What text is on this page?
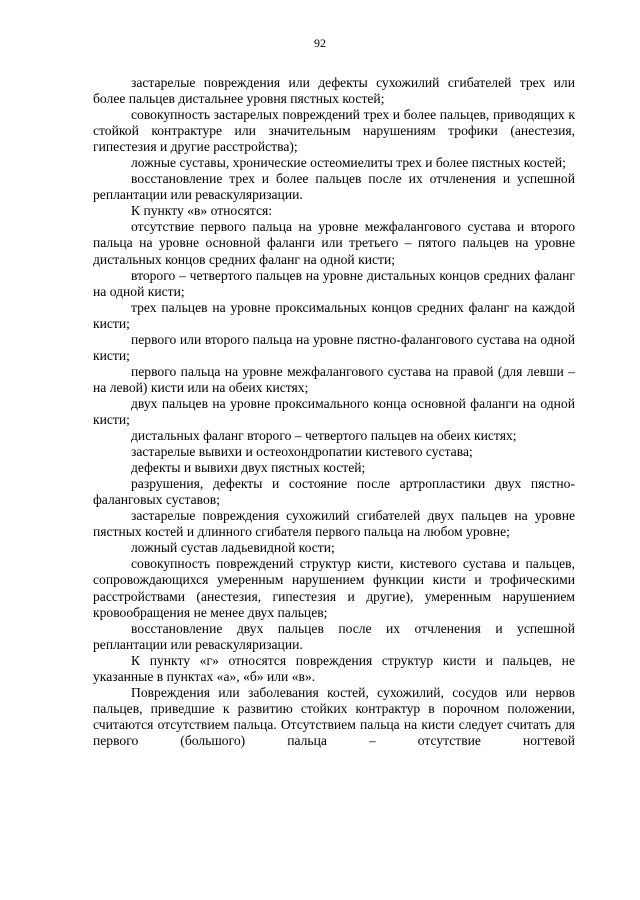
92

застарелые повреждения или дефекты сухожилий сгибателей трех или более пальцев дистальнее уровня пястных костей;

совокупность застарелых повреждений трех и более пальцев, приводящих к стойкой контрактуре или значительным нарушениям трофики (анестезия, гипестезия и другие расстройства);

ложные суставы, хронические остеомиелиты трех и более пястных костей;

восстановление трех и более пальцев после их отчленения и успешной реплантации или реваскуляризации.

К пункту «в» относятся:

отсутствие первого пальца на уровне межфалангового сустава и второго пальца на уровне основной фаланги или третьего – пятого пальцев на уровне дистальных концов средних фаланг на одной кисти;

второго – четвертого пальцев на уровне дистальных концов средних фаланг на одной кисти;

трех пальцев на уровне проксимальных концов средних фаланг на каждой кисти;

первого или второго пальца на уровне пястно-фалангового сустава на одной кисти;

первого пальца на уровне межфалангового сустава на правой (для левши – на левой) кисти или на обеих кистях;

двух пальцев на уровне проксимального конца основной фаланги на одной кисти;

дистальных фаланг второго – четвертого пальцев на обеих кистях;

застарелые вывихи и остеохондропатии кистевого сустава;

дефекты и вывихи двух пястных костей;

разрушения, дефекты и состояние после артропластики двух пястно-фаланговых суставов;

застарелые повреждения сухожилий сгибателей двух пальцев на уровне пястных костей и длинного сгибателя первого пальца на любом уровне;

ложный сустав ладьевидной кости;

совокупность повреждений структур кисти, кистевого сустава и пальцев, сопровождающихся умеренным нарушением функции кисти и трофическими расстройствами (анестезия, гипестезия и другие), умеренным нарушением кровообращения не менее двух пальцев;

восстановление двух пальцев после их отчленения и успешной реплантации или реваскуляризации.

К пункту «г» относятся повреждения структур кисти и пальцев, не указанные в пунктах «а», «б» или «в».

Повреждения или заболевания костей, сухожилий, сосудов или нервов пальцев, приведшие к развитию стойких контрактур в порочном положении, считаются отсутствием пальца. Отсутствием пальца на кисти следует считать для первого (большого) пальца – отсутствие ногтевой
